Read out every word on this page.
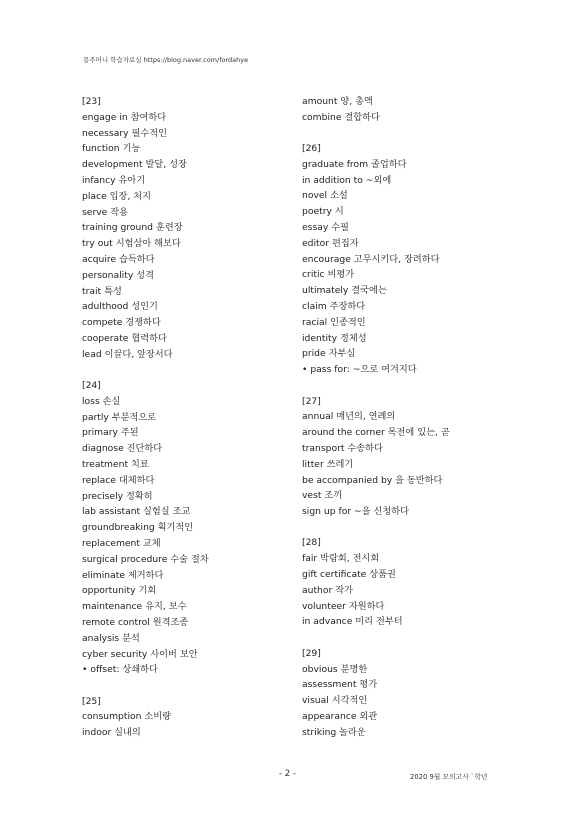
몽주머니 학습자료실 https://blog.naver.com/fordahye
[23]
engage in 참여하다
necessary 필수적인
function 기능
development 발달, 성장
infancy 유아기
place 입장, 처지
serve 작용
training ground 훈련장
try out 시험삼아 해보다
acquire 습득하다
personality 성격
trait 특성
adulthood 성인기
compete 경쟁하다
cooperate 협력하다
lead 이끌다, 앞장서다
[24]
loss 손실
partly 부분적으로
primary 주된
diagnose 진단하다
treatment 치료
replace 대체하다
precisely 정확히
lab assistant 실험실 조교
groundbreaking 획기적인
replacement 교체
surgical procedure 수술 절차
eliminate 제거하다
opportunity 기회
maintenance 유지, 보수
remote control 원격조종
analysis 분석
cyber security 사이버 보안
• offset: 상쇄하다
[25]
consumption 소비량
indoor 실내의
amount 양, 총액
combine 결합하다
[26]
graduate from 졸업하다
in addition to ~외에
novel 소설
poetry 시
essay 수필
editor 편집자
encourage 고무시키다, 장려하다
critic 비평가
ultimately 결국에는
claim 주장하다
racial 인종적인
identity 정체성
pride 자부심
• pass for: ~으로 여겨지다
[27]
annual 매년의, 연례의
around the corner 목전에 있는, 곧
transport 수송하다
litter 쓰레기
be accompanied by 을 동반하다
vest 조끼
sign up for ~을 신청하다
[28]
fair 박람회, 전시회
gift certificate 상품권
author 작가
volunteer 자원하다
in advance 미리 전부터
[29]
obvious 분명한
assessment 평가
visual 시각적인
appearance 외관
striking 놀라운
- 2 -	2020 9월 모의고사 `학년
